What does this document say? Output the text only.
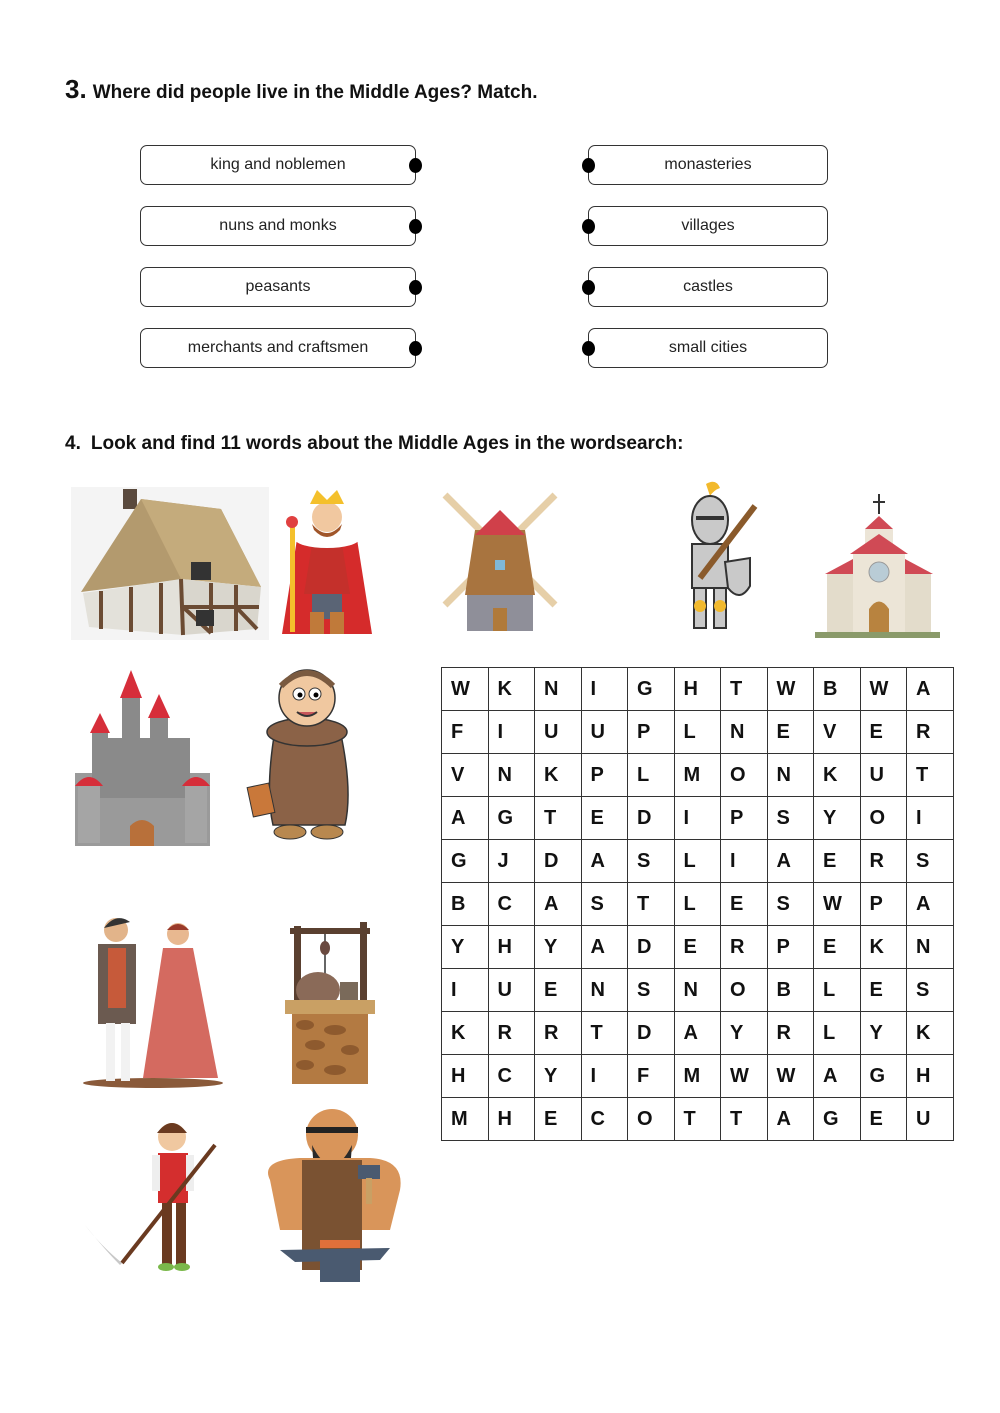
3. Where did people live in the Middle Ages? Match.
king and noblemen
nuns and monks
peasants
merchants and craftsmen
monasteries
villages
castles
small cities
4. Look and find 11 words about the Middle Ages in the wordsearch:
W	K	N	I	G	H	T	W	B	W	A
F	I	U	U	P	L	N	E	V	E	R
V	N	K	P	L	M	O	N	K	U	T
A	G	T	E	D	I	P	S	Y	O	I
G	J	D	A	S	L	I	A	E	R	S
B	C	A	S	T	L	E	S	W	P	A
Y	H	Y	A	D	E	R	P	E	K	N
I	U	E	N	S	N	O	B	L	E	S
K	R	R	T	D	A	Y	R	L	Y	K
H	C	Y	I	F	M	W	W	A	G	H
M	H	E	C	O	T	T	A	G	E	U
